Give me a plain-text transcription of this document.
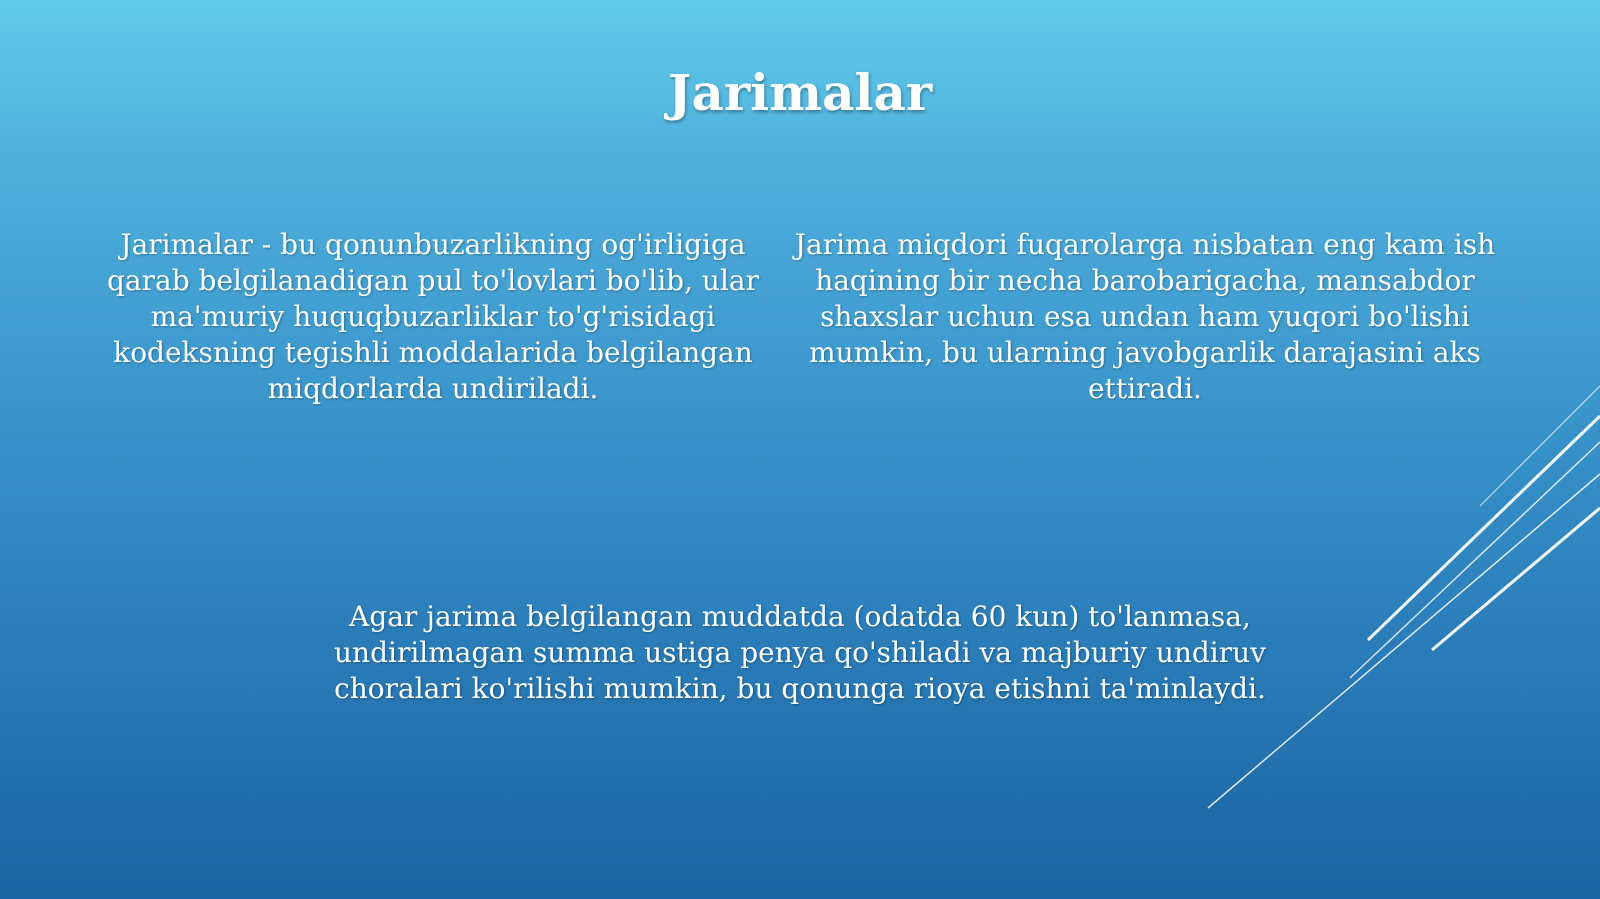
Jarimalar
Jarimalar - bu qonunbuzarlikning og'irligiga qarab belgilanadigan pul to'lovlari bo'lib, ular ma'muriy huquqbuzarliklar to'g'risidagi kodeksning tegishli moddalarida belgilangan miqdorlarda undiriladi.
Jarima miqdori fuqarolarga nisbatan eng kam ish haqining bir necha barobarigacha, mansabdor shaxslar uchun esa undan ham yuqori bo'lishi mumkin, bu ularning javobgarlik darajasini aks ettiradi.
Agar jarima belgilangan muddatda (odatda 60 kun) to'lanmasa, undirilmagan summa ustiga penya qo'shiladi va majburiy undiruv choralari ko'rilishi mumkin, bu qonunga rioya etishni ta'minlaydi.
